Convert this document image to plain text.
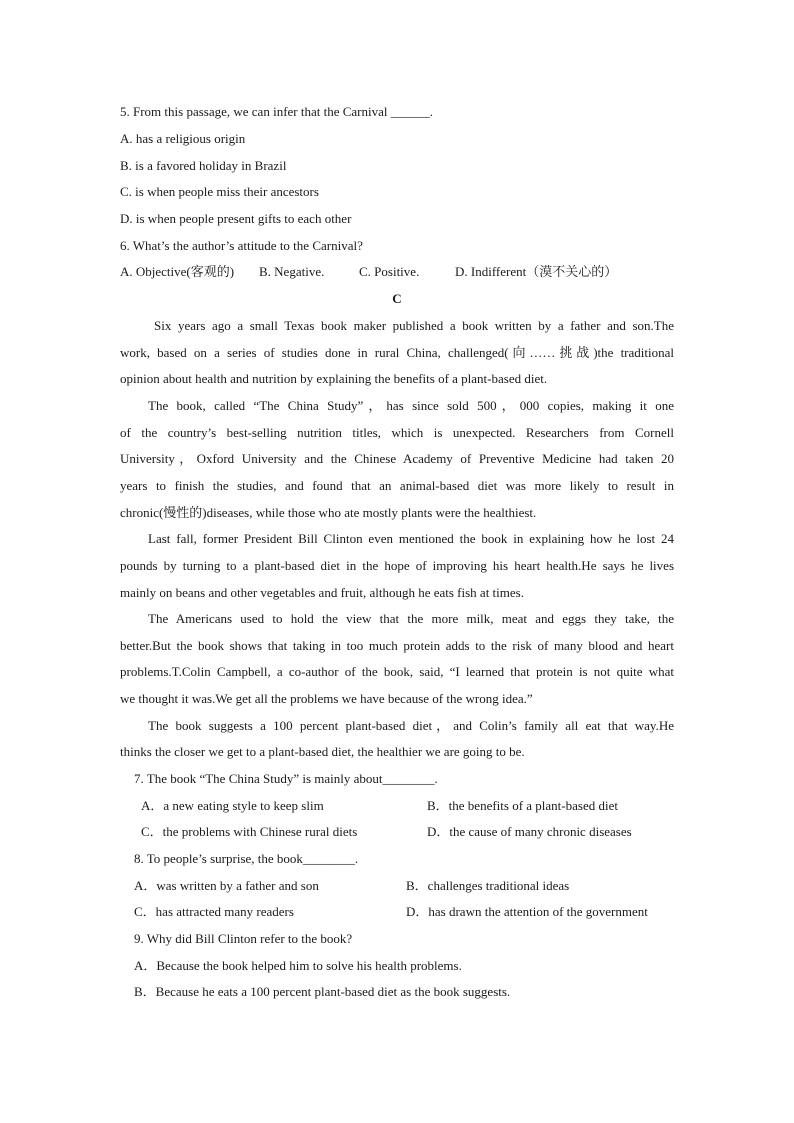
5. From this passage, we can infer that the Carnival ______.
A. has a religious origin
B. is a favored holiday in Brazil
C. is when people miss their ancestors
D. is when people present gifts to each other
6. What’s the author’s attitude to the Carnival?
A. Objective(客观的) B. Negative.	C. Positive.	D. Indifferent（漠不关心的）
C
Six years ago a small Texas book maker published a book written by a father and son.The
work, based on a series of studies done in rural China, challenged(向……挑战)the traditional
opinion about health and nutrition by explaining the benefits of a plant-based diet.
The book, called “The China Study”，has since sold 500，000 copies, making it one
of the country’s best-selling nutrition titles, which is unexpected. Researchers from Cornell
University，Oxford University and the Chinese Academy of Preventive Medicine had taken 20
years to finish the studies, and found that an animal-based diet was more likely to result in
chronic(慢性的)diseases, while those who ate mostly plants were the healthiest.
Last fall, former President Bill Clinton even mentioned the book in explaining how he lost 24
pounds by turning to a plant-based diet in the hope of improving his heart health.He says he lives
mainly on beans and other vegetables and fruit, although he eats fish at times.
The Americans used to hold the view that the more milk, meat and eggs they take, the
better.But the book shows that taking in too much protein adds to the risk of many blood and heart
problems.T.Colin Campbell, a co-author of the book, said, “I learned that protein is not quite what
we thought it was.We get all the problems we have because of the wrong idea.”
The book suggests a 100 percent plant-based diet，and Colin’s family all eat that way.He
thinks the closer we get to a plant-based diet, the healthier we are going to be.
7. The book “The China Study” is mainly about________.
A．a new eating style to keep slim	B．the benefits of a plant-based diet
C．the problems with Chinese rural diets	D．the cause of many chronic diseases
8. To people’s surprise, the book________.
A．was written by a father and son	B．challenges traditional ideas
C．has attracted many readers	D．has drawn the attention of the government
9. Why did Bill Clinton refer to the book?
A．Because the book helped him to solve his health problems.
B．Because he eats a 100 percent plant-based diet as the book suggests.
